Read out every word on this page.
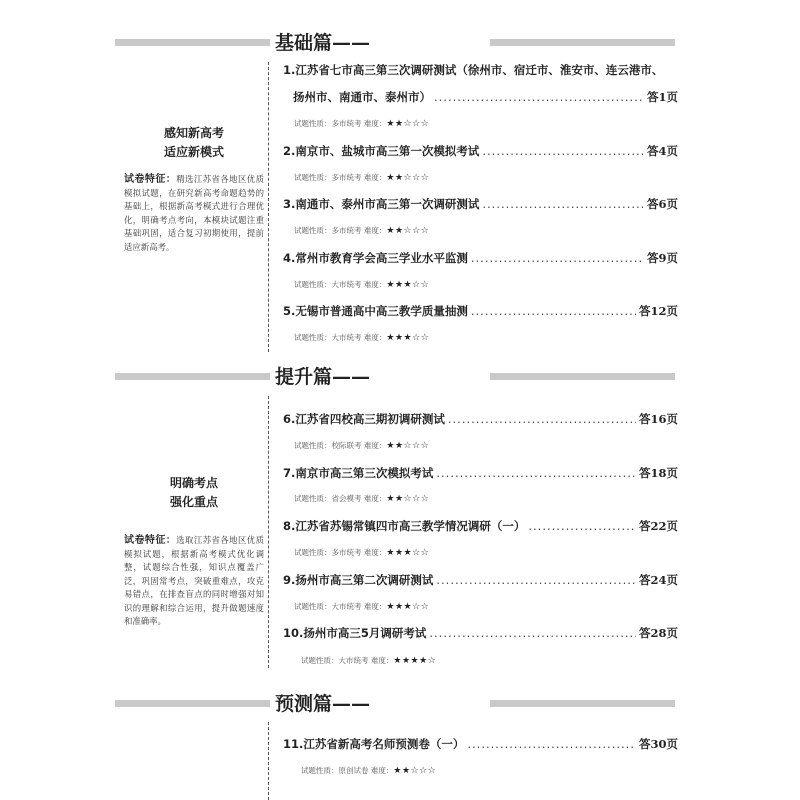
基础篇——
感知新高考
适应新模式
试卷特征：精选江苏省各地区优质模拟试题，在研究新高考命题趋势的基础上，根据新高考模式进行合理优化，明确考点考向，本模块试题注重基础巩固，适合复习初期使用，提前适应新高考。
1.江苏省七市高三第三次调研测试（徐州市、宿迁市、淮安市、连云港市、
扬州市、南通市、泰州市） .....	答1页
试题性质：多市统考 难度：★★☆☆☆
2.南京市、盐城市高三第一次模拟考试 .....	答4页
试题性质：多市统考 难度：★★☆☆☆
3.南通市、泰州市高三第一次调研测试 .....	答6页
试题性质：多市统考 难度：★★☆☆☆
4.常州市教育学会高三学业水平监测 .....	答9页
试题性质：大市统考 难度：★★★☆☆
5.无锡市普通高中高三教学质量抽测 .....	答12页
试题性质：大市统考 难度：★★★☆☆
提升篇——
明确考点
强化重点
试卷特征：选取江苏省各地区优质模拟试题，根据新高考模式优化调整，试题综合性强，知识点覆盖广泛，巩固常考点，突破重难点，攻克易错点，在排查盲点的同时增强对知识的理解和综合运用，提升做题速度和准确率。
6.江苏省四校高三期初调研测试 .....	答16页
试题性质：校际联考 难度：★★☆☆☆
7.南京市高三第三次模拟考试 .....	答18页
试题性质：省会模考 难度：★★☆☆☆
8.江苏省苏锡常镇四市高三教学情况调研（一） .....	答22页
试题性质：多市统考 难度：★★★☆☆
9.扬州市高三第二次调研测试 .....	答24页
试题性质：大市统考 难度：★★★☆☆
10.扬州市高三5月调研考试 .....	答28页
试题性质：大市统考 难度：★★★★☆
预测篇——
11.江苏省新高考名师预测卷（一） .....	答30页
试题性质：原创试卷 难度：★★☆☆☆
